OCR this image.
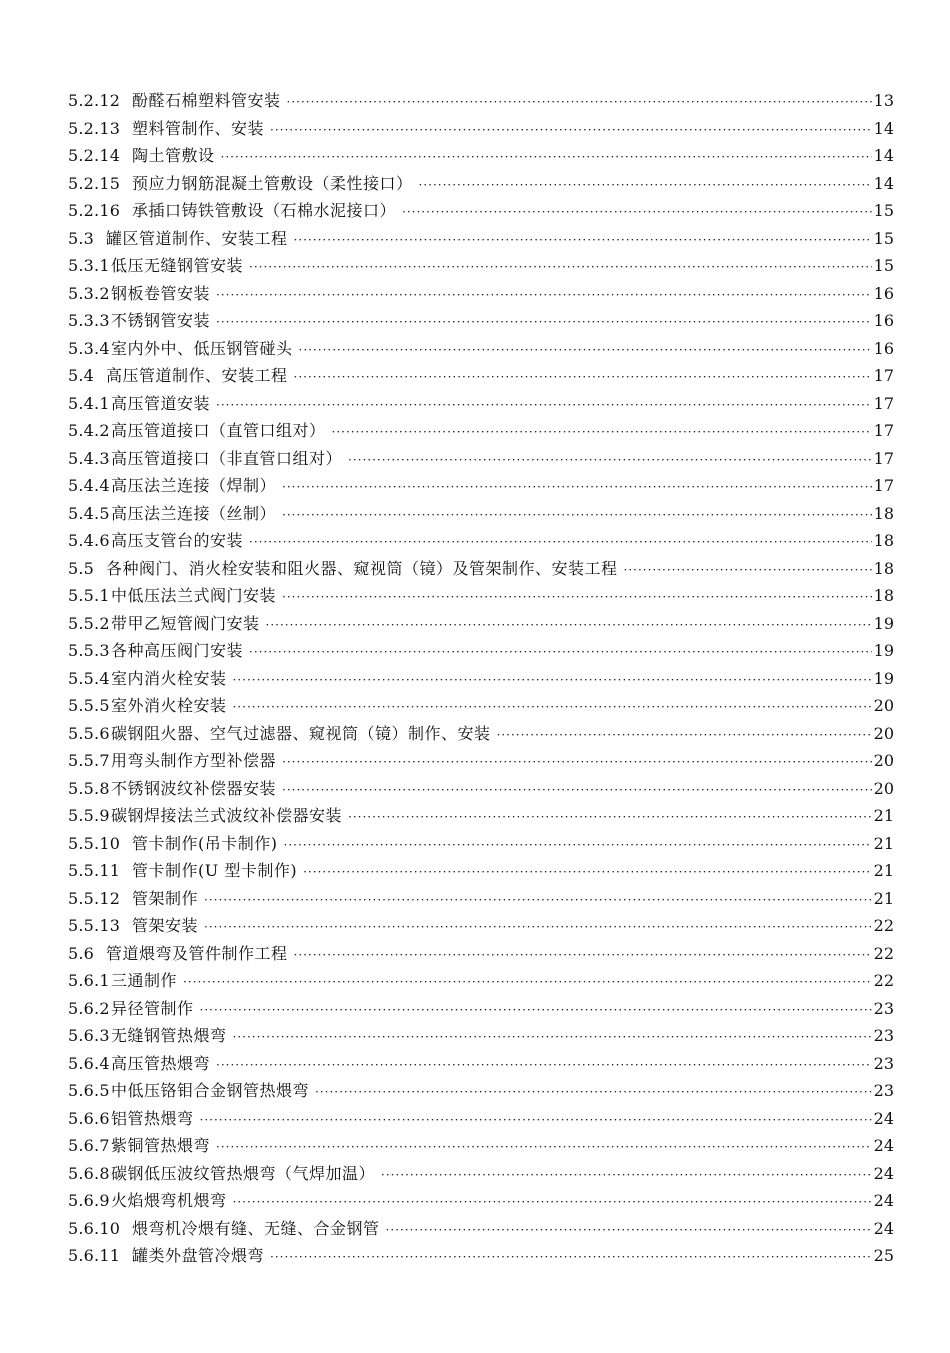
5.2.12 酚醛石棉塑料管安装 ·····	13
5.2.13 塑料管制作、安装 ·····	14
5.2.14 陶土管敷设 ·····	14
5.2.15 预应力钢筋混凝土管敷设（柔性接口） ·····	14
5.2.16 承插口铸铁管敷设（石棉水泥接口） ·····	15
5.3 罐区管道制作、安装工程 ·····	15
5.3.1 低压无缝钢管安装 ·····	15
5.3.2 钢板卷管安装 ·····	16
5.3.3 不锈钢管安装 ·····	16
5.3.4 室内外中、低压钢管碰头 ·····	16
5.4 高压管道制作、安装工程 ·····	17
5.4.1 高压管道安装 ·····	17
5.4.2 高压管道接口（直管口组对） ·····	17
5.4.3 高压管道接口（非直管口组对） ·····	17
5.4.4 高压法兰连接（焊制） ·····	17
5.4.5 高压法兰连接（丝制） ·····	18
5.4.6 高压支管台的安装 ·····	18
5.5 各种阀门、消火栓安装和阻火器、窥视筒（镜）及管架制作、安装工程 ·····	18
5.5.1 中低压法兰式阀门安装 ·····	18
5.5.2 带甲乙短管阀门安装 ·····	19
5.5.3 各种高压阀门安装 ·····	19
5.5.4 室内消火栓安装 ·····	19
5.5.5 室外消火栓安装 ·····	20
5.5.6 碳钢阻火器、空气过滤器、窥视筒（镜）制作、安装 ·····	20
5.5.7 用弯头制作方型补偿器 ·····	20
5.5.8 不锈钢波纹补偿器安装 ·····	20
5.5.9 碳钢焊接法兰式波纹补偿器安装 ·····	21
5.5.10 管卡制作(吊卡制作) ·····	21
5.5.11 管卡制作(U 型卡制作) ·····	21
5.5.12 管架制作 ·····	21
5.5.13 管架安装 ·····	22
5.6 管道煨弯及管件制作工程 ·····	22
5.6.1 三通制作 ·····	22
5.6.2 异径管制作 ·····	23
5.6.3 无缝钢管热煨弯 ·····	23
5.6.4 高压管热煨弯 ·····	23
5.6.5 中低压铬钼合金钢管热煨弯 ·····	23
5.6.6 铝管热煨弯 ·····	24
5.6.7 紫铜管热煨弯 ·····	24
5.6.8 碳钢低压波纹管热煨弯（气焊加温） ·····	24
5.6.9 火焰煨弯机煨弯 ·····	24
5.6.10 煨弯机冷煨有缝、无缝、合金钢管 ·····	24
5.6.11 罐类外盘管冷煨弯 ·····	25
